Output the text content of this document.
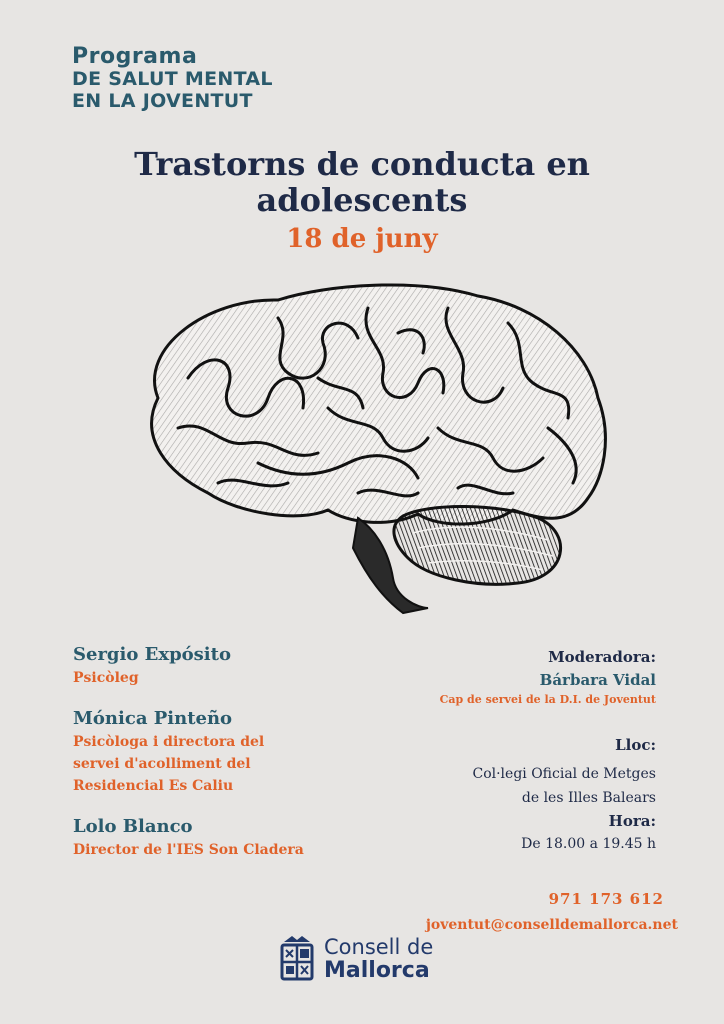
Programa
DE SALUT MENTAL
EN LA JOVENTUT
Trastorns de conducta en
adolescents
18 de juny
Sergio Expósito
Psicòleg
Mónica Pinteño
Psicòloga i directora del
servei d'acolliment del
Residencial Es Caliu
Lolo Blanco
Director de l'IES Son Cladera
Moderadora:
Bárbara Vidal
Cap de servei de la D.I. de Joventut
Lloc:
Col·legi Oficial de Metges
de les Illes Balears
Hora:
De 18.00 a 19.45 h
971 173 612
joventut@conselldemallorca.net
Consell de
Mallorca
